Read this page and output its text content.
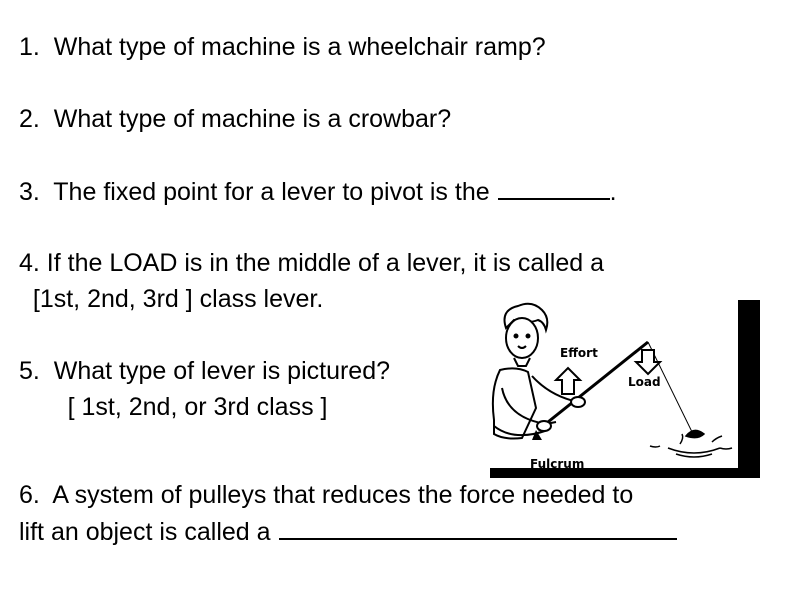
1.  What type of machine is a wheelchair ramp?

2.  What type of machine is a crowbar?

3.  The fixed point for a lever to pivot is the	.

4. If the LOAD is in the middle of a lever, it is called a

[1st, 2nd, 3rd ] class lever.

5.  What type of lever is pictured?

[ 1st, 2nd, or 3rd class ]

Effort
Load
Fulcrum

6.  A system of pulleys that reduces the force needed to

lift an object is called a
